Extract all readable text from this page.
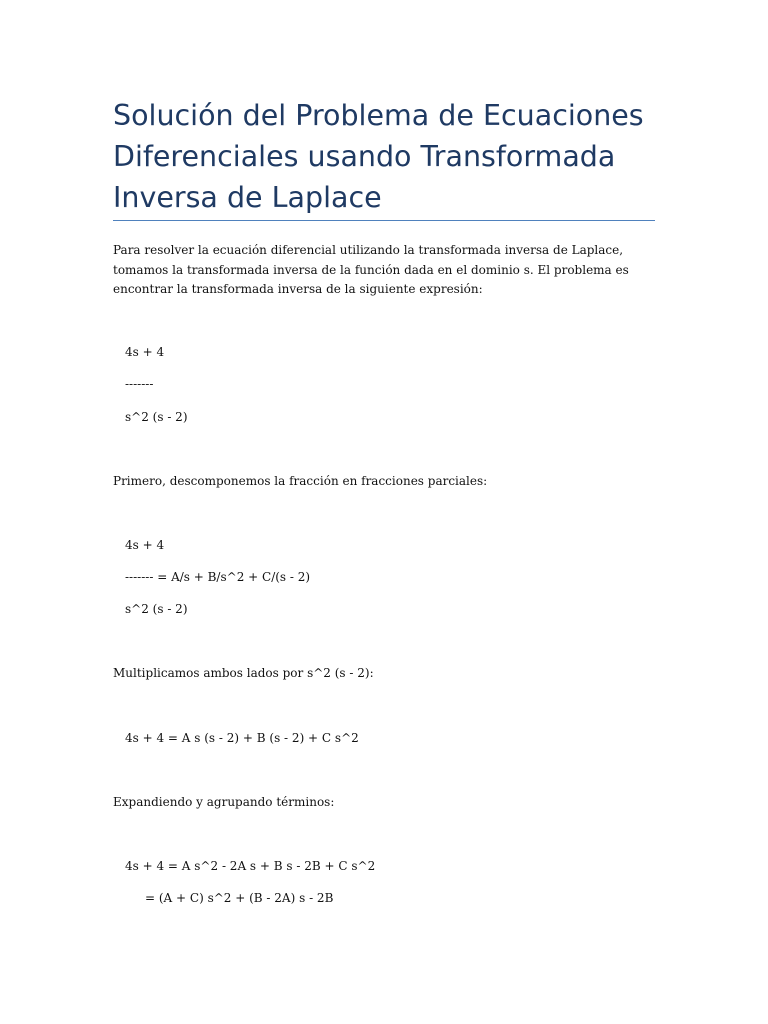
Solución del Problema de Ecuaciones
Diferenciales usando Transformada
Inversa de Laplace

Para resolver la ecuación diferencial utilizando la transformada inversa de Laplace,
tomamos la transformada inversa de la función dada en el dominio s. El problema es
encontrar la transformada inversa de la siguiente expresión:

4s + 4

-------

s^2 (s - 2)

Primero, descomponemos la fracción en fracciones parciales:

4s + 4

------- = A/s + B/s^2 + C/(s - 2)

s^2 (s - 2)

Multiplicamos ambos lados por s^2 (s - 2):

4s + 4 = A s (s - 2) + B (s - 2) + C s^2

Expandiendo y agrupando términos:

4s + 4 = A s^2 - 2A s + B s - 2B + C s^2

= (A + C) s^2 + (B - 2A) s - 2B
